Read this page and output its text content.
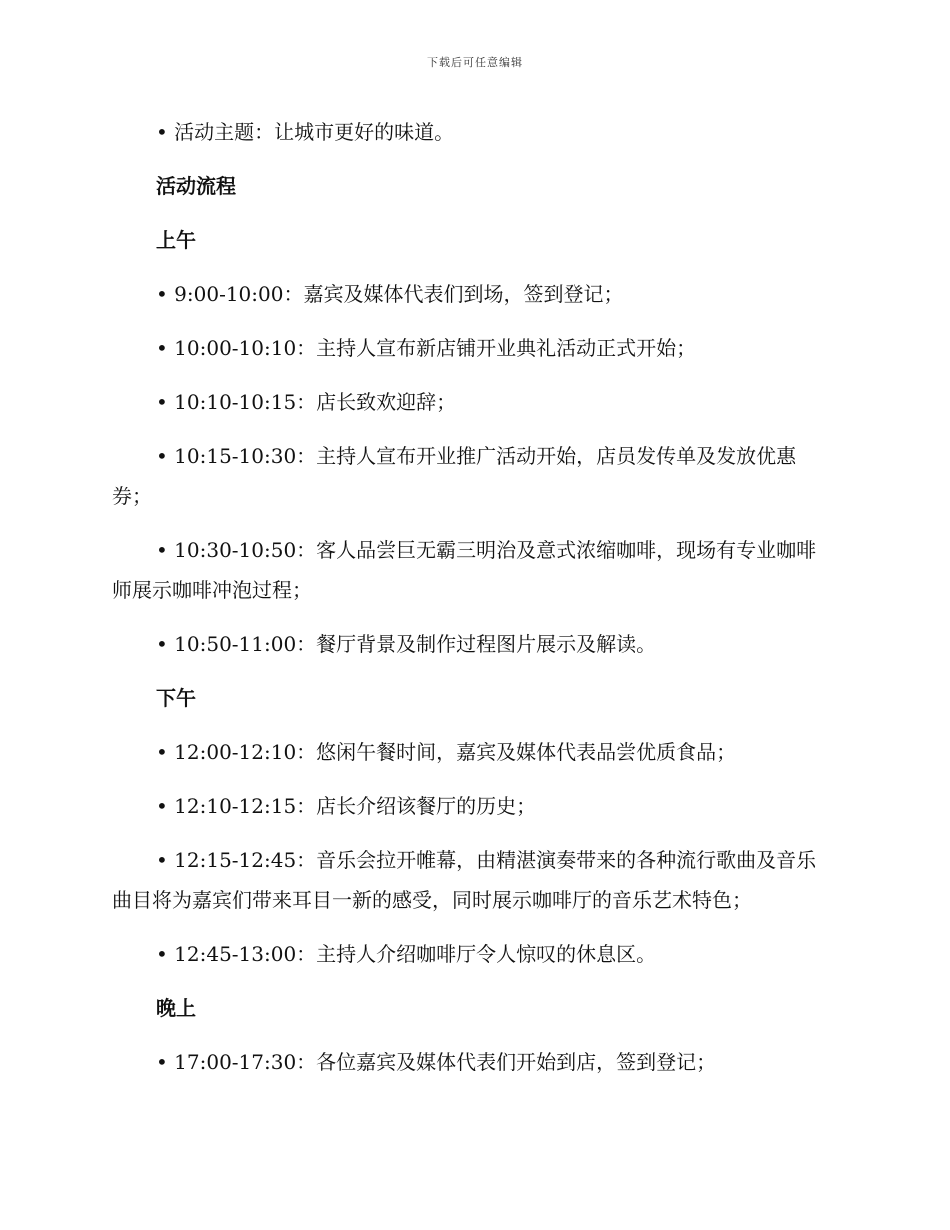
下载后可任意编辑

• 活动主题：让城市更好的味道。

活动流程

上午

• 9:00-10:00：嘉宾及媒体代表们到场，签到登记；

• 10:00-10:10：主持人宣布新店铺开业典礼活动正式开始；

• 10:10-10:15：店长致欢迎辞；

• 10:15-10:30：主持人宣布开业推广活动开始，店员发传单及发放优惠券；

• 10:30-10:50：客人品尝巨无霸三明治及意式浓缩咖啡，现场有专业咖啡师展示咖啡冲泡过程；

• 10:50-11:00：餐厅背景及制作过程图片展示及解读。

下午

• 12:00-12:10：悠闲午餐时间，嘉宾及媒体代表品尝优质食品；

• 12:10-12:15：店长介绍该餐厅的历史；

• 12:15-12:45：音乐会拉开帷幕，由精湛演奏带来的各种流行歌曲及音乐曲目将为嘉宾们带来耳目一新的感受，同时展示咖啡厅的音乐艺术特色；

• 12:45-13:00：主持人介绍咖啡厅令人惊叹的休息区。

晚上

• 17:00-17:30：各位嘉宾及媒体代表们开始到店，签到登记；
